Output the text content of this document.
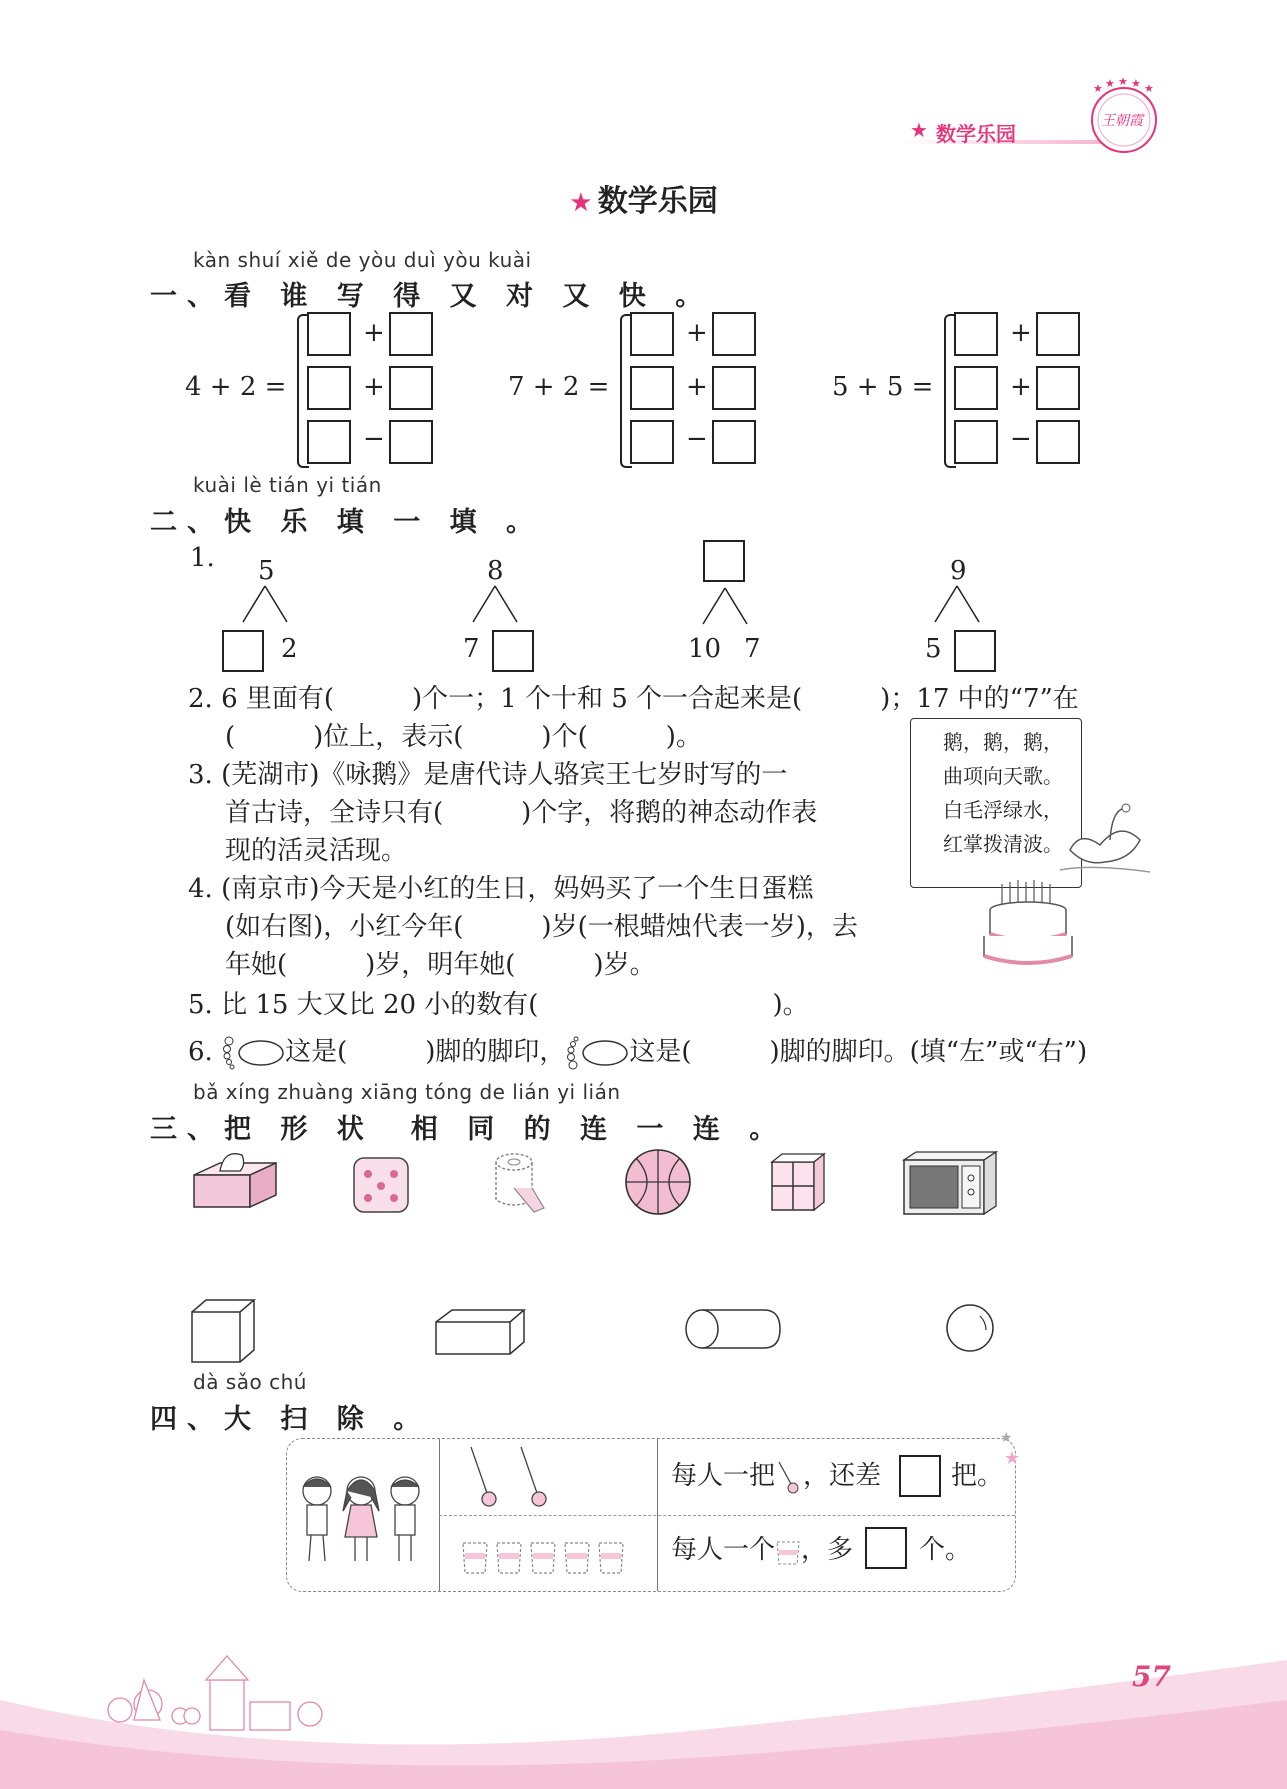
★ 数学乐园
★ ★ ★ ★ ★
王朝霞
★ 数学乐园
kàn shuí xiě de yòu duì yòu kuài
一、看 谁 写 得 又 对 又 快 。
4 + 2 =
+
+
−
7 + 2 =
+
+
−
5 + 5 =
+
+
−
kuài lè tián yi tián
二、快 乐 填 一 填 。
1. 5
2
8
7	10 7
9
5
2. 6 里面有(　　　)个一；1 个十和 5 个一合起来是(　　　)；17 中的“7”在
(　　　)位上，表示(　　　)个(　　　)。
3. (芜湖市)《咏鹅》是唐代诗人骆宾王七岁时写的一
首古诗，全诗只有(　　　)个字，将鹅的神态动作表
现的活灵活现。
鹅，鹅，鹅，
曲项向天歌。
白毛浮绿水，
红掌拨清波。
4. (南京市)今天是小红的生日，妈妈买了一个生日蛋糕
(如右图)，小红今年(　　　)岁(一根蜡烛代表一岁)，去
年她(　　　)岁，明年她(　　　)岁。
5. 比 15 大又比 20 小的数有(　　　　　　　　　)。
6.	这是(　　　)脚的脚印， 这是(　　　)脚的脚印。(填“左”或“右”)
bǎ xíng zhuàng xiāng tóng de lián yi lián
三、把 形 状　相 同 的 连 一 连 。
dà sǎo chú
四、大 扫 除 。
每人一把 ，还差	把。
每人一个 ，多	个。
★
★
57
